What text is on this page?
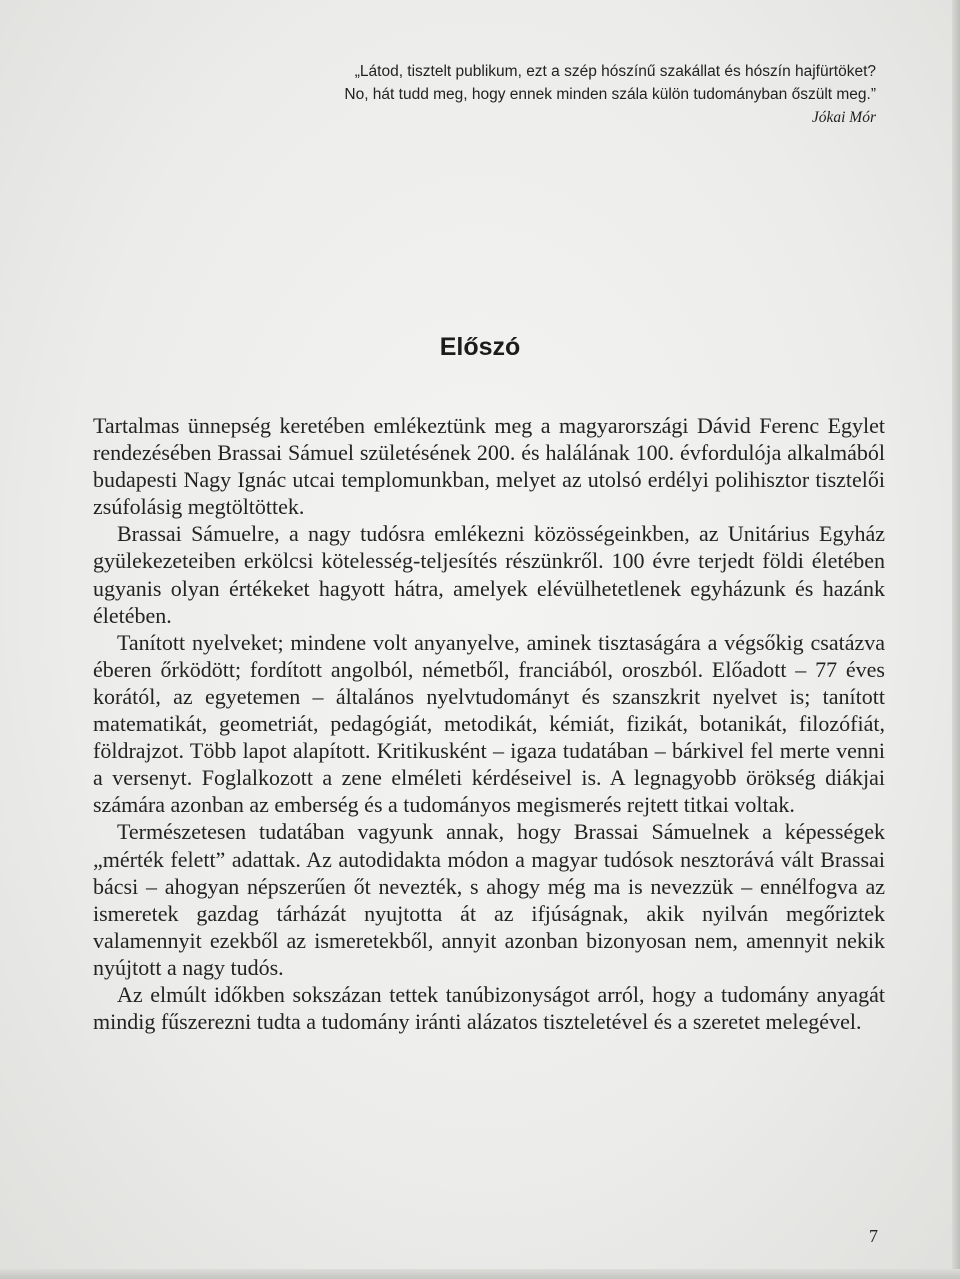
„Látod, tisztelt publikum, ezt a szép hószínű szakállat és hószín hajfürtöket?
No, hát tudd meg, hogy ennek minden szála külön tudományban őszült meg.”
Jókai Mór
Előszó

Tartalmas ünnepség keretében emlékeztünk meg a magyarországi Dávid Ferenc Egylet rendezésében Brassai Sámuel születésének 200. és halálának 100. évfordulója alkalmából budapesti Nagy Ignác utcai templomunkban, melyet az utolsó erdélyi polihisztor tisztelői zsúfolásig megtöltöttek.

Brassai Sámuelre, a nagy tudósra emlékezni közösségeinkben, az Unitárius Egyház gyülekezeteiben erkölcsi kötelesség-teljesítés részünkről. 100 évre terjedt földi életében ugyanis olyan értékeket hagyott hátra, amelyek elévülhetetlenek egyházunk és hazánk életében.

Tanított nyelveket; mindene volt anyanyelve, aminek tisztaságára a végsőkig csatázva éberen őrködött; fordított angolból, németből, franciából, oroszból. Előadott – 77 éves korától, az egyetemen – általános nyelvtudományt és szanszkrit nyelvet is; tanított matematikát, geometriát, pedagógiát, metodikát, kémiát, fizikát, botanikát, filozófiát, földrajzot. Több lapot alapított. Kritikusként – igaza tudatában – bárkivel fel merte venni a versenyt. Foglalkozott a zene elméleti kérdéseivel is. A legnagyobb örökség diákjai számára azonban az emberség és a tudományos megismerés rejtett titkai voltak.

Természetesen tudatában vagyunk annak, hogy Brassai Sámuelnek a képességek „mérték felett” adattak. Az autodidakta módon a magyar tudósok nesztorává vált Brassai bácsi – ahogyan népszerűen őt nevezték, s ahogy még ma is nevezzük – ennélfogva az ismeretek gazdag tárházát nyujtotta át az ifjúságnak, akik nyilván megőriztek valamennyit ezekből az ismeretekből, annyit azonban bizonyosan nem, amennyit nekik nyújtott a nagy tudós.

Az elmúlt időkben sokszázan tettek tanúbizonyságot arról, hogy a tudomány anyagát mindig fűszerezni tudta a tudomány iránti alázatos tiszteletével és a szeretet melegével.

7
